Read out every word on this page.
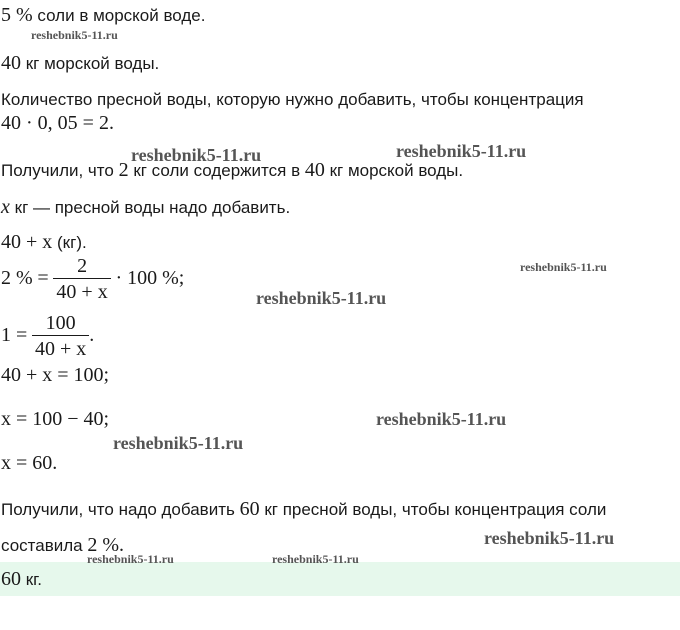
5 % соли в морской воде.
40 кг морской воды.
Количество пресной воды, которую нужно добавить, чтобы концентрация
40 · 0, 05 = 2.
Получили, что 2 кг соли содержится в 40 кг морской воды.
x кг — пресной воды надо добавить.
40 + x (кг).
2 % = $\frac{2}{40 + x} \cdot 100$ %;
$1 = \frac{100}{40 + x}$ .
40 + x = 100;
x = 100 − 40;
x = 60.
Получили, что надо добавить 60 кг пресной воды, чтобы концентрация соли
составила 2 %.
60 кг.
reshebnik5-11.ru
reshebnik5-11.ru	reshebnik5-11.ru
reshebnik5-11.ru
reshebnik5-11.ru
reshebnik5-11.ru
reshebnik5-11.ru
reshebnik5-11.ru
reshebnik5-11.ru	reshebnik5-11.ru
